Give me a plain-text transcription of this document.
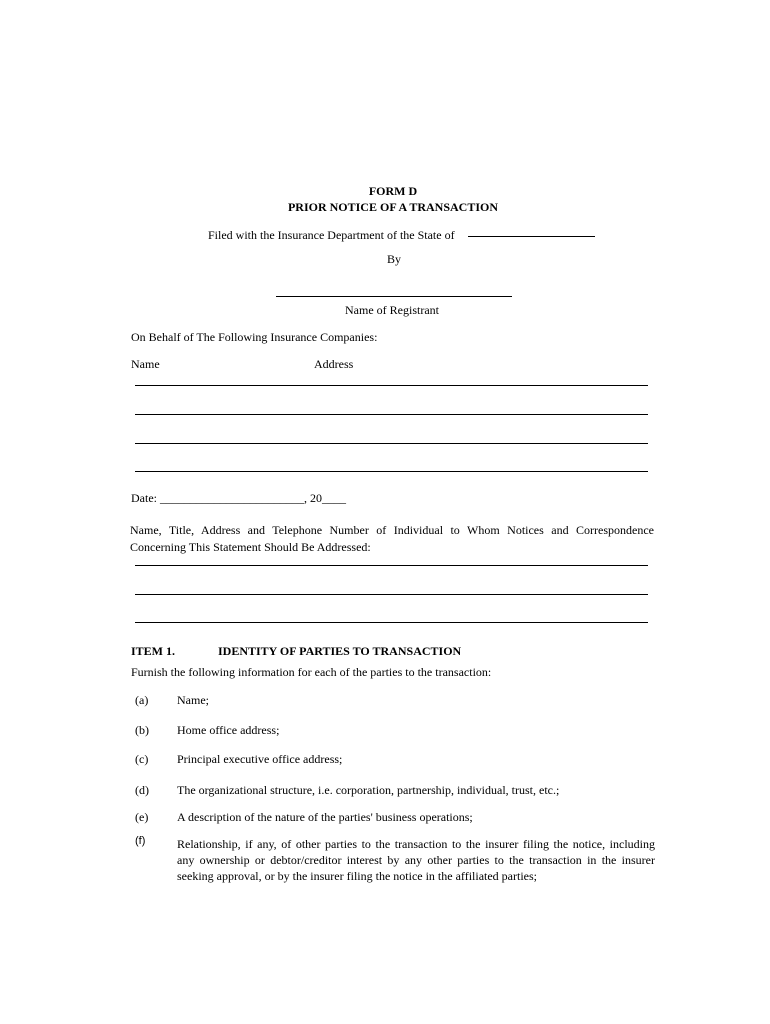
FORM D
PRIOR NOTICE OF A TRANSACTION
Filed with the Insurance Department of the State of
By
Name of Registrant
On Behalf of The Following Insurance Companies:
Name	Address
Date: ________________________, 20____
Name, Title, Address and Telephone Number of Individual to Whom Notices and Correspondence
Concerning This Statement Should Be Addressed:
ITEM 1.	IDENTITY OF PARTIES TO TRANSACTION
Furnish the following information for each of the parties to the transaction:
(a) Name;
(b) Home office address;
(c) Principal executive office address;
(d) The organizational structure, i.e. corporation, partnership, individual, trust, etc.;
(e) A description of the nature of the parties' business operations;
(f)	Relationship, if any, of other parties to the transaction to the insurer filing the notice, including
any ownership or debtor/creditor interest by any other parties to the transaction in the insurer
seeking approval, or by the insurer filing the notice in the affiliated parties;
